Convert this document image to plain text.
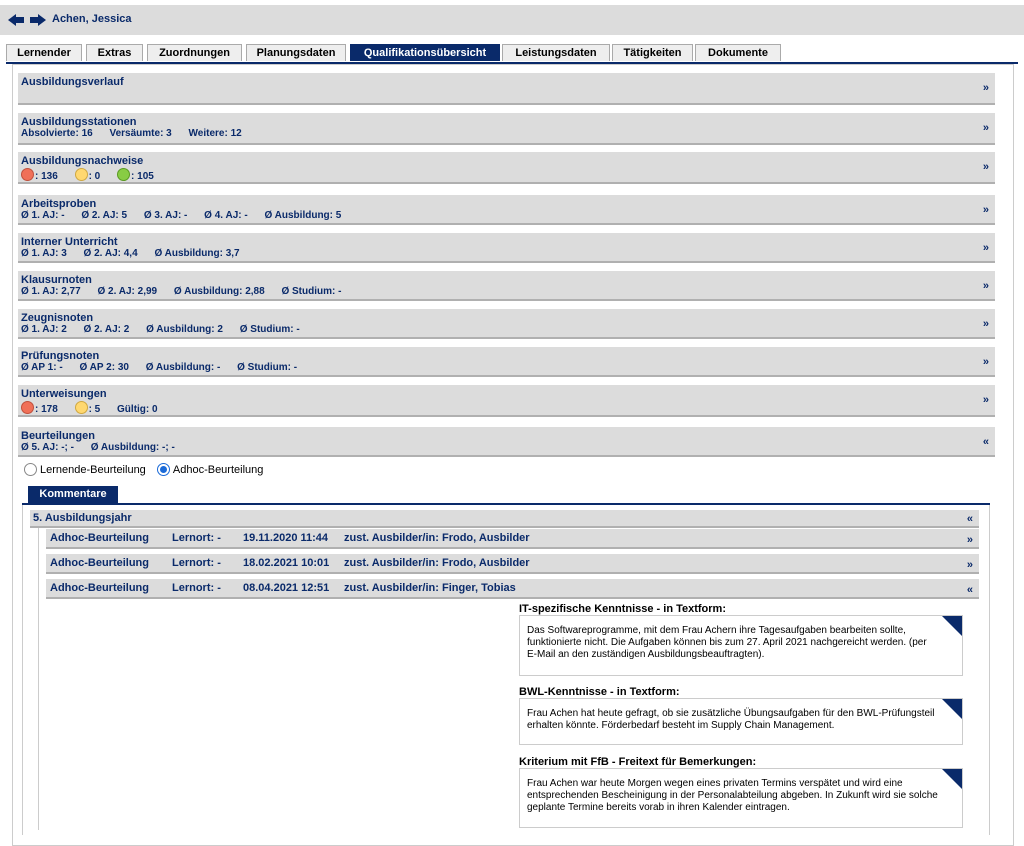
Achen, Jessica
Lernender	Extras	Zuordnungen	Planungsdaten	Qualifikationsübersicht	Leistungsdaten	Tätigkeiten	Dokumente
Ausbildungsverlauf	»
Ausbildungsstationen
Absolvierte: 16 Versäumte: 3 Weitere: 12	»
Ausbildungsnachweise
: 136	: 0	: 105
»
Arbeitsproben
Ø 1. AJ: - Ø 2. AJ: 5 Ø 3. AJ: - Ø 4. AJ: - Ø Ausbildung: 5	»
Interner Unterricht
Ø 1. AJ: 3 Ø 2. AJ: 4,4 Ø Ausbildung: 3,7	»
Klausurnoten
Ø 1. AJ: 2,77 Ø 2. AJ: 2,99 Ø Ausbildung: 2,88 Ø Studium: -	»
Zeugnisnoten
Ø 1. AJ: 2 Ø 2. AJ: 2 Ø Ausbildung: 2 Ø Studium: -	»
Prüfungsnoten
Ø AP 1: - Ø AP 2: 30 Ø Ausbildung: - Ø Studium: -	»
Unterweisungen
: 178	: 5 Gültig: 0
»
Beurteilungen
Ø 5. AJ: -; - Ø Ausbildung: -; -	«
Lernende-Beurteilung
Adhoc-Beurteilung
Kommentare
5. Ausbildungsjahr	«
Adhoc-Beurteilung Lernort: - 19.11.2020 11:44 zust. Ausbilder/in: Frodo, Ausbilder	»
Adhoc-Beurteilung Lernort: - 18.02.2021 10:01 zust. Ausbilder/in: Frodo, Ausbilder	»
Adhoc-Beurteilung Lernort: - 08.04.2021 12:51 zust. Ausbilder/in: Finger, Tobias	«
IT-spezifische Kenntnisse - in Textform:
Das Softwareprogramme, mit dem Frau Achern ihre Tagesaufgaben bearbeiten sollte, funktionierte nicht. Die Aufgaben können bis zum 27. April 2021 nachgereicht werden. (per E-Mail an den zuständigen Ausbildungsbeauftragten).
BWL-Kenntnisse - in Textform:
Frau Achen hat heute gefragt, ob sie zusätzliche Übungsaufgaben für den BWL-Prüfungsteil erhalten könnte. Förderbedarf besteht im Supply Chain Management.
Kriterium mit FfB - Freitext für Bemerkungen:
Frau Achen war heute Morgen wegen eines privaten Termins verspätet und wird eine entsprechenden Bescheinigung in der Personalabteilung abgeben. In Zukunft wird sie solche geplante Termine bereits vorab in ihren Kalender eintragen.
